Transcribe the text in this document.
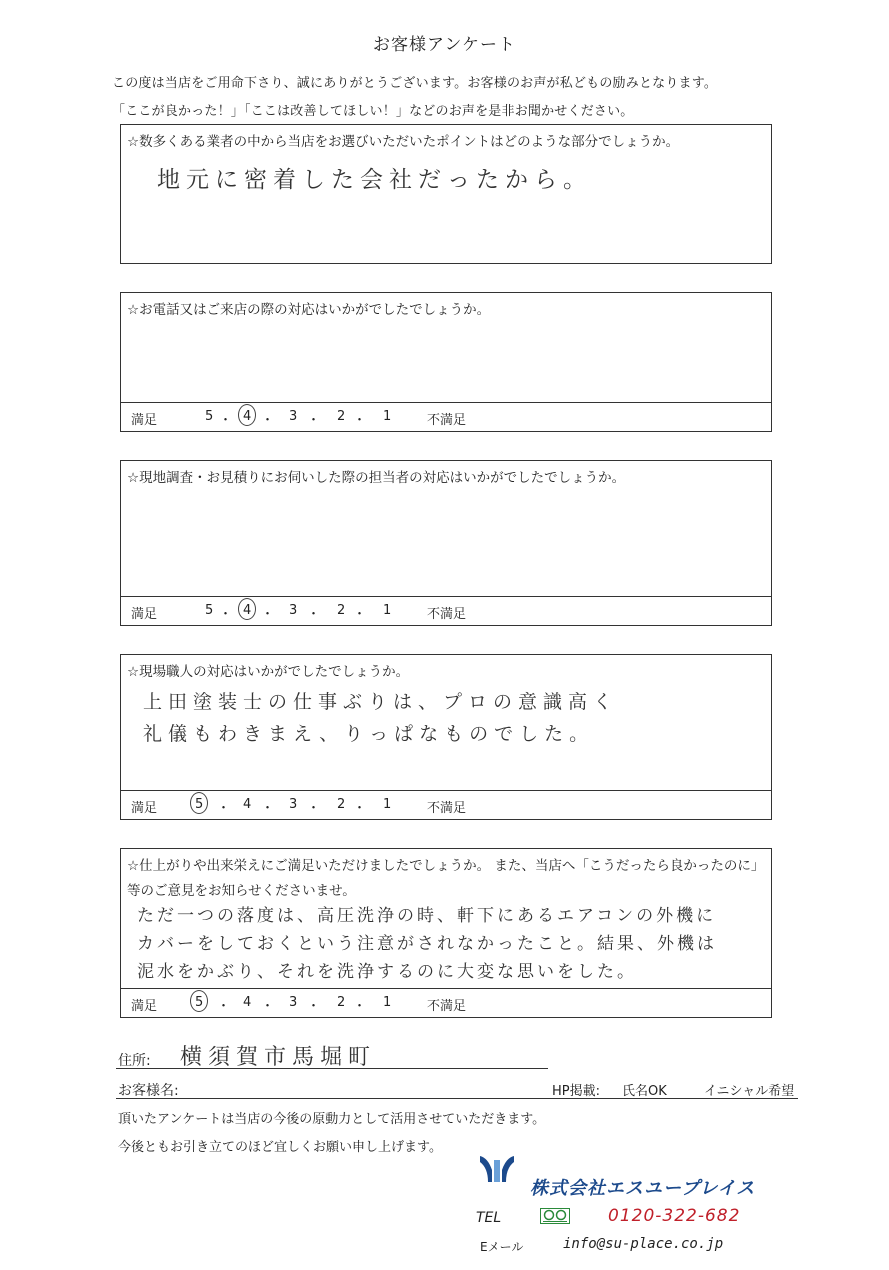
お客様アンケート
この度は当店をご用命下さり、誠にありがとうございます。お客様のお声が私どもの励みとなります。
「ここが良かった！」「ここは改善してほしい！」などのお声を是非お聞かせください。
☆数多くある業者の中から当店をお選びいただいたポイントはどのような部分でしょうか。
地元に密着した会社だったから。
☆お電話又はご来店の際の対応はいかがでしたでしょうか。
満足	5 ・ 4 ・ 3 ・ 2 ・ 1	不満足
☆現地調査・お見積りにお伺いした際の担当者の対応はいかがでしたでしょうか。
満足	5 ・ 4 ・ 3 ・ 2 ・ 1	不満足
☆現場職人の対応はいかがでしたでしょうか。
上田塗装士の仕事ぶりは、プロの意識高く
礼儀もわきまえ、りっぱなものでした。
満足	5 ・ 4 ・ 3 ・ 2 ・ 1	不満足
☆仕上がりや出来栄えにご満足いただけましたでしょうか。 また、当店へ「こうだったら良かったのに」
等のご意見をお知らせくださいませ。
ただ一つの落度は、高圧洗浄の時、軒下にあるエアコンの外機に
カバーをしておくという注意がされなかったこと。結果、外機は
泥水をかぶり、それを洗浄するのに大変な思いをした。
満足	5 ・ 4 ・ 3 ・ 2 ・ 1	不満足
住所: 横須賀市馬堀町
お客様名:	HP掲載: 氏名OK	イニシャル希望
頂いたアンケートは当店の今後の原動力として活用させていただきます。
今後ともお引き立てのほど宜しくお願い申し上げます。
株式会社エスユープレイス
TEL	0120-322-682
Eメール	info@su-place.co.jp
